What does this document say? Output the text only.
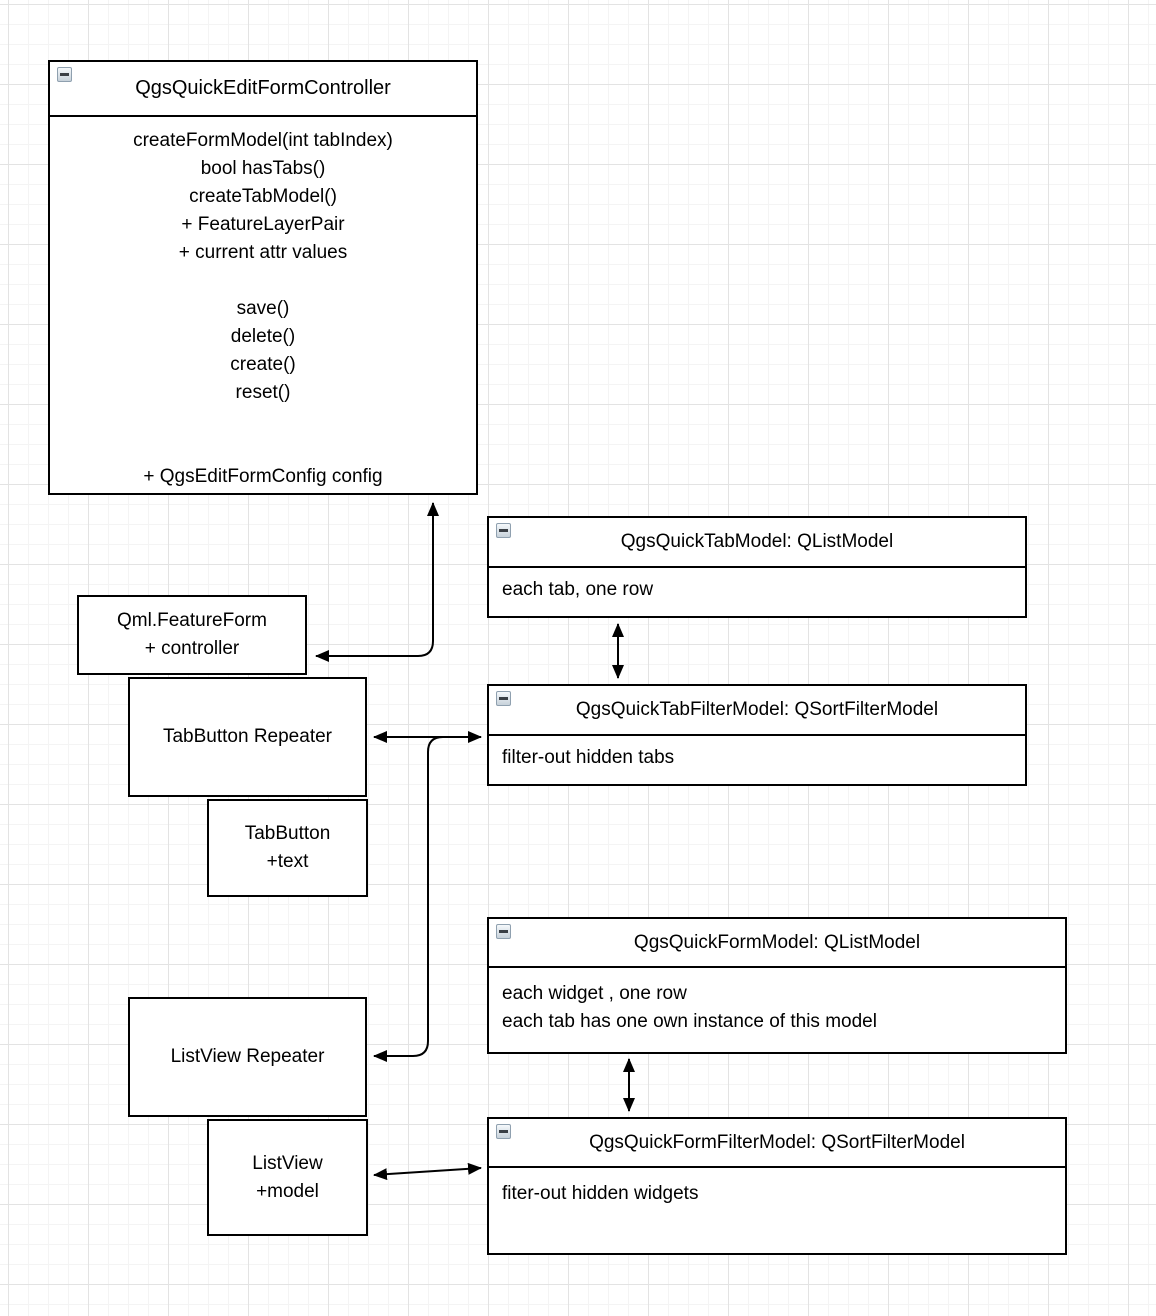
QgsQuickEditFormController
createFormModel(int tabIndex)
bool hasTabs()
createTabModel()
+ FeatureLayerPair
+ current attr values
save()
delete()
create()
reset()
+ QgsEditFormConfig config
Qml.FeatureForm
+ controller
TabButton Repeater
TabButton
+text
QgsQuickTabModel: QListModel
each tab, one row
QgsQuickTabFilterModel: QSortFilterModel
filter-out hidden tabs
QgsQuickFormModel: QListModel
each widget , one row
each tab has one own instance of this model
ListView Repeater
ListView
+model
QgsQuickFormFilterModel: QSortFilterModel
fiter-out hidden widgets
